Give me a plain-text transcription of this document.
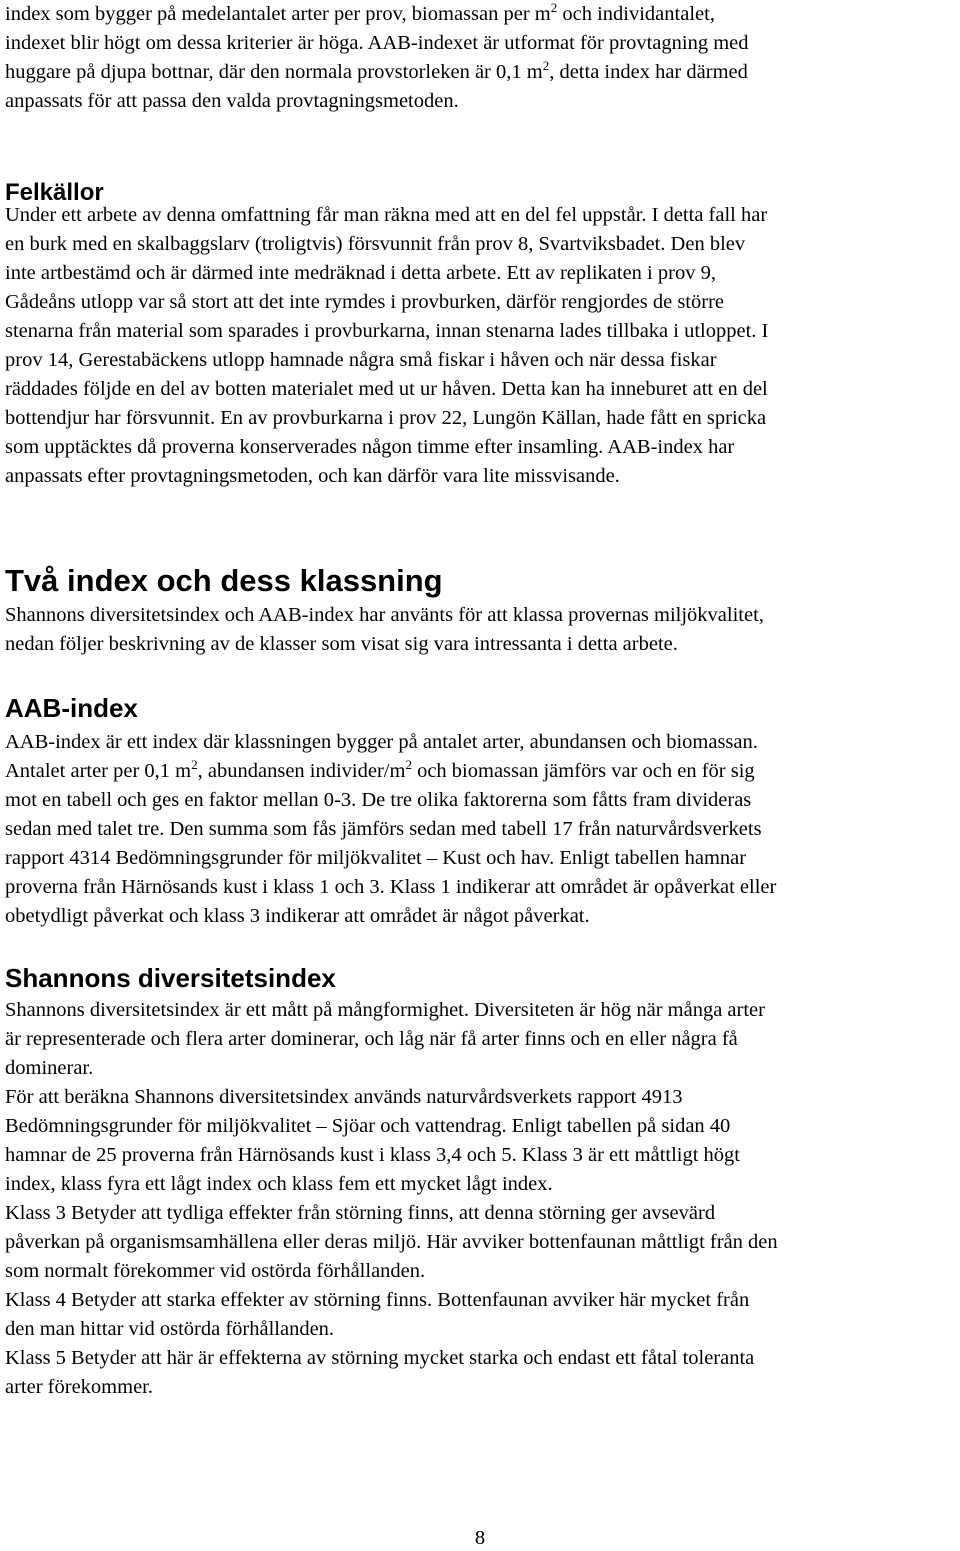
index som bygger på medelantalet arter per prov, biomassan per $m^2$ och individantalet,
indexet blir högt om dessa kriterier är höga. AAB-indexet är utformat för provtagning med
huggare på djupa bottnar, där den normala provstorleken är 0,1 $m^2$, detta index har därmed
anpassats för att passa den valda provtagningsmetoden.
Felkällor
Under ett arbete av denna omfattning får man räkna med att en del fel uppstår. I detta fall har
en burk med en skalbaggslarv (troligtvis) försvunnit från prov 8, Svartviksbadet. Den blev
inte artbestämd och är därmed inte medräknad i detta arbete. Ett av replikaten i prov 9,
Gådeåns utlopp var så stort att det inte rymdes i provburken, därför rengjordes de större
stenarna från material som sparades i provburkarna, innan stenarna lades tillbaka i utloppet. I
prov 14, Gerestabäckens utlopp hamnade några små fiskar i håven och när dessa fiskar
räddades följde en del av botten materialet med ut ur håven. Detta kan ha inneburet att en del
bottendjur har försvunnit. En av provburkarna i prov 22, Lungön Källan, hade fått en spricka
som upptäcktes då proverna konserverades någon timme efter insamling. AAB-index har
anpassats efter provtagningsmetoden, och kan därför vara lite missvisande.
Två index och dess klassning
Shannons diversitetsindex och AAB-index har använts för att klassa provernas miljökvalitet,
nedan följer beskrivning av de klasser som visat sig vara intressanta i detta arbete.
AAB-index
AAB-index är ett index där klassningen bygger på antalet arter, abundansen och biomassan.
Antalet arter per 0,1 $m^2$, abundansen individer/$m^2$ och biomassan jämförs var och en för sig
mot en tabell och ges en faktor mellan 0-3. De tre olika faktorerna som fåtts fram divideras
sedan med talet tre. Den summa som fås jämförs sedan med tabell 17 från naturvårdsverkets
rapport 4314 Bedömningsgrunder för miljökvalitet – Kust och hav. Enligt tabellen hamnar
proverna från Härnösands kust i klass 1 och 3. Klass 1 indikerar att området är opåverkat eller
obetydligt påverkat och klass 3 indikerar att området är något påverkat.
Shannons diversitetsindex
Shannons diversitetsindex är ett mått på mångformighet. Diversiteten är hög när många arter
är representerade och flera arter dominerar, och låg när få arter finns och en eller några få
dominerar.
För att beräkna Shannons diversitetsindex används naturvårdsverkets rapport 4913
Bedömningsgrunder för miljökvalitet – Sjöar och vattendrag. Enligt tabellen på sidan 40
hamnar de 25 proverna från Härnösands kust i klass 3,4 och 5. Klass 3 är ett måttligt högt
index, klass fyra ett lågt index och klass fem ett mycket lågt index.
Klass 3 Betyder att tydliga effekter från störning finns, att denna störning ger avsevärd
påverkan på organismsamhällena eller deras miljö. Här avviker bottenfaunan måttligt från den
som normalt förekommer vid ostörda förhållanden.
Klass 4 Betyder att starka effekter av störning finns. Bottenfaunan avviker här mycket från
den man hittar vid ostörda förhållanden.
Klass 5 Betyder att här är effekterna av störning mycket starka och endast ett fåtal toleranta
arter förekommer.
8
